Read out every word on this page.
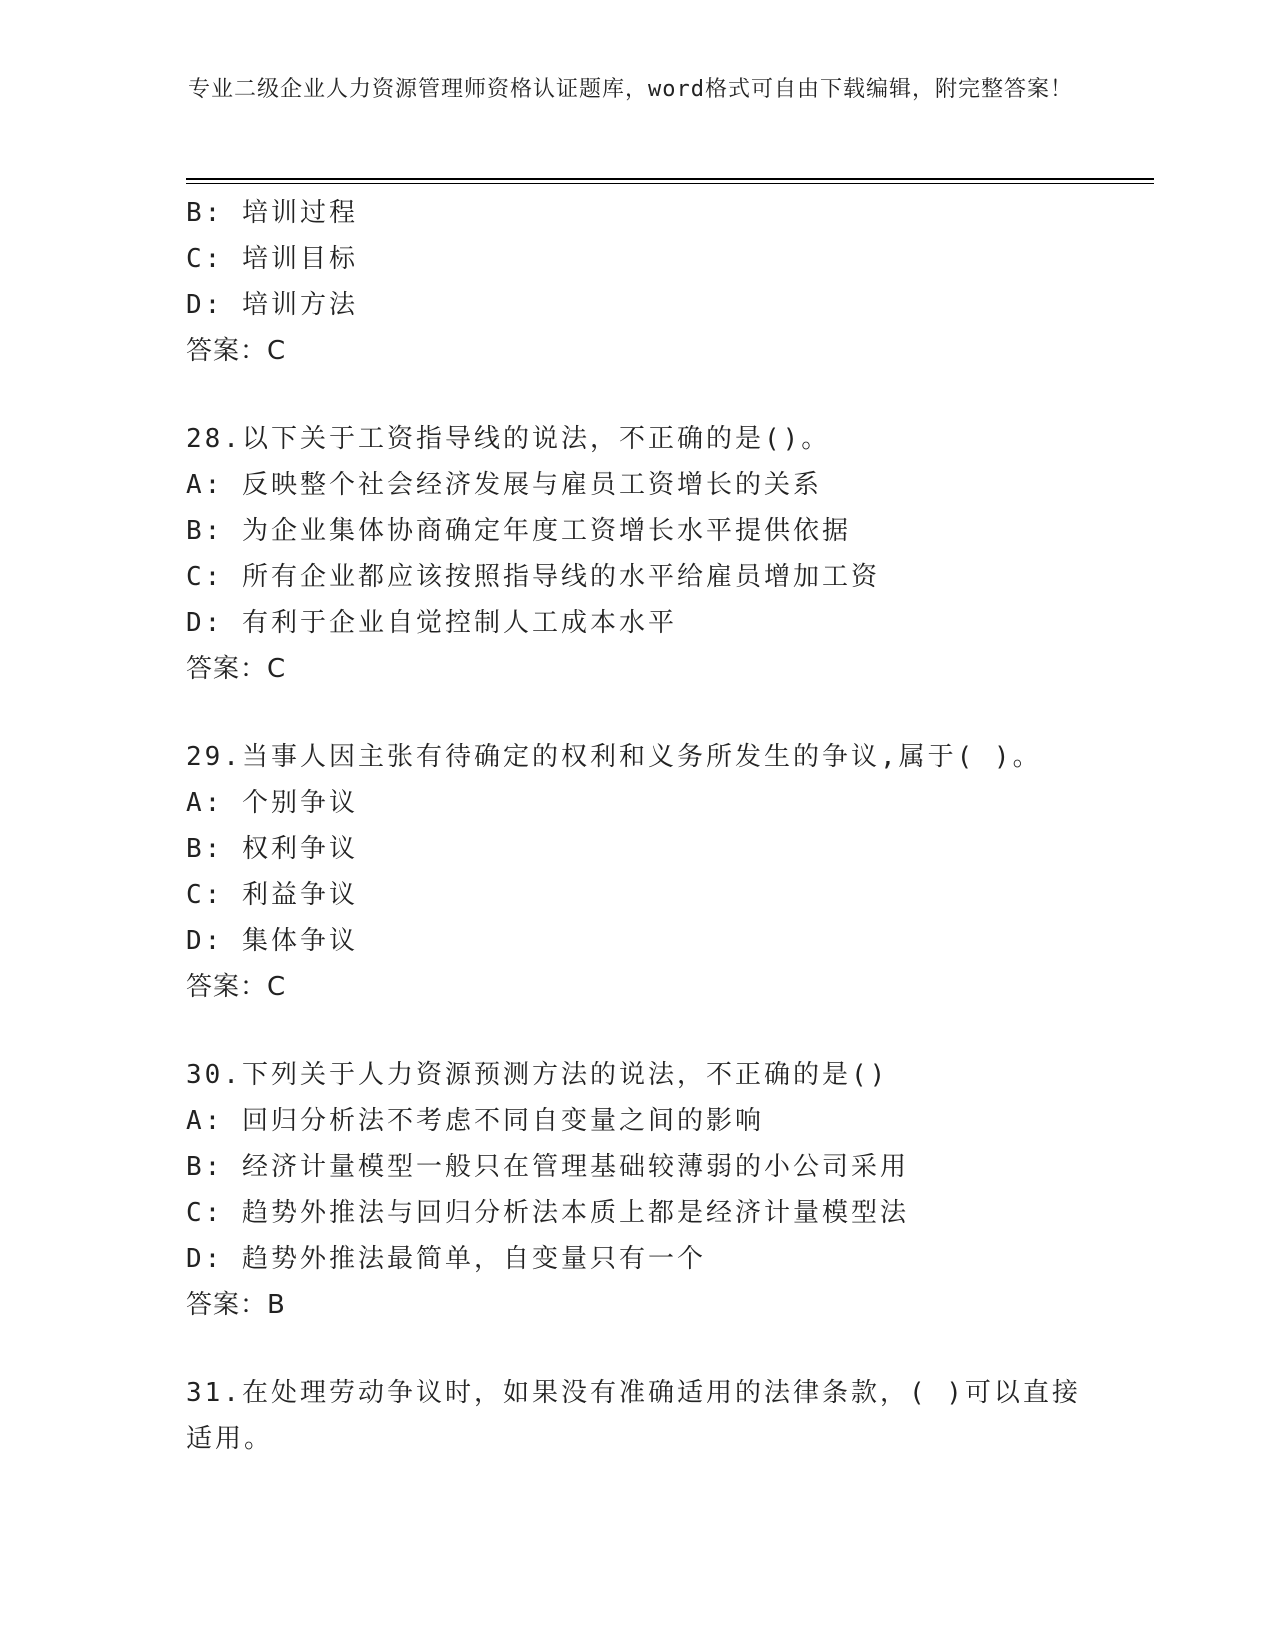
专业二级企业人力资源管理师资格认证题库，word格式可自由下载编辑，附完整答案！
B: 培训过程
C: 培训目标
D: 培训方法
答案：C
28.以下关于工资指导线的说法，不正确的是()。
A: 反映整个社会经济发展与雇员工资增长的关系
B: 为企业集体协商确定年度工资增长水平提供依据
C: 所有企业都应该按照指导线的水平给雇员增加工资
D: 有利于企业自觉控制人工成本水平
答案：C
29.当事人因主张有待确定的权利和义务所发生的争议,属于( )。
A: 个别争议
B: 权利争议
C: 利益争议
D: 集体争议
答案：C
30.下列关于人力资源预测方法的说法，不正确的是()
A: 回归分析法不考虑不同自变量之间的影响
B: 经济计量模型一般只在管理基础较薄弱的小公司采用
C: 趋势外推法与回归分析法本质上都是经济计量模型法
D: 趋势外推法最简单，自变量只有一个
答案：B
31.在处理劳动争议时，如果没有准确适用的法律条款，( )可以直接
适用。
